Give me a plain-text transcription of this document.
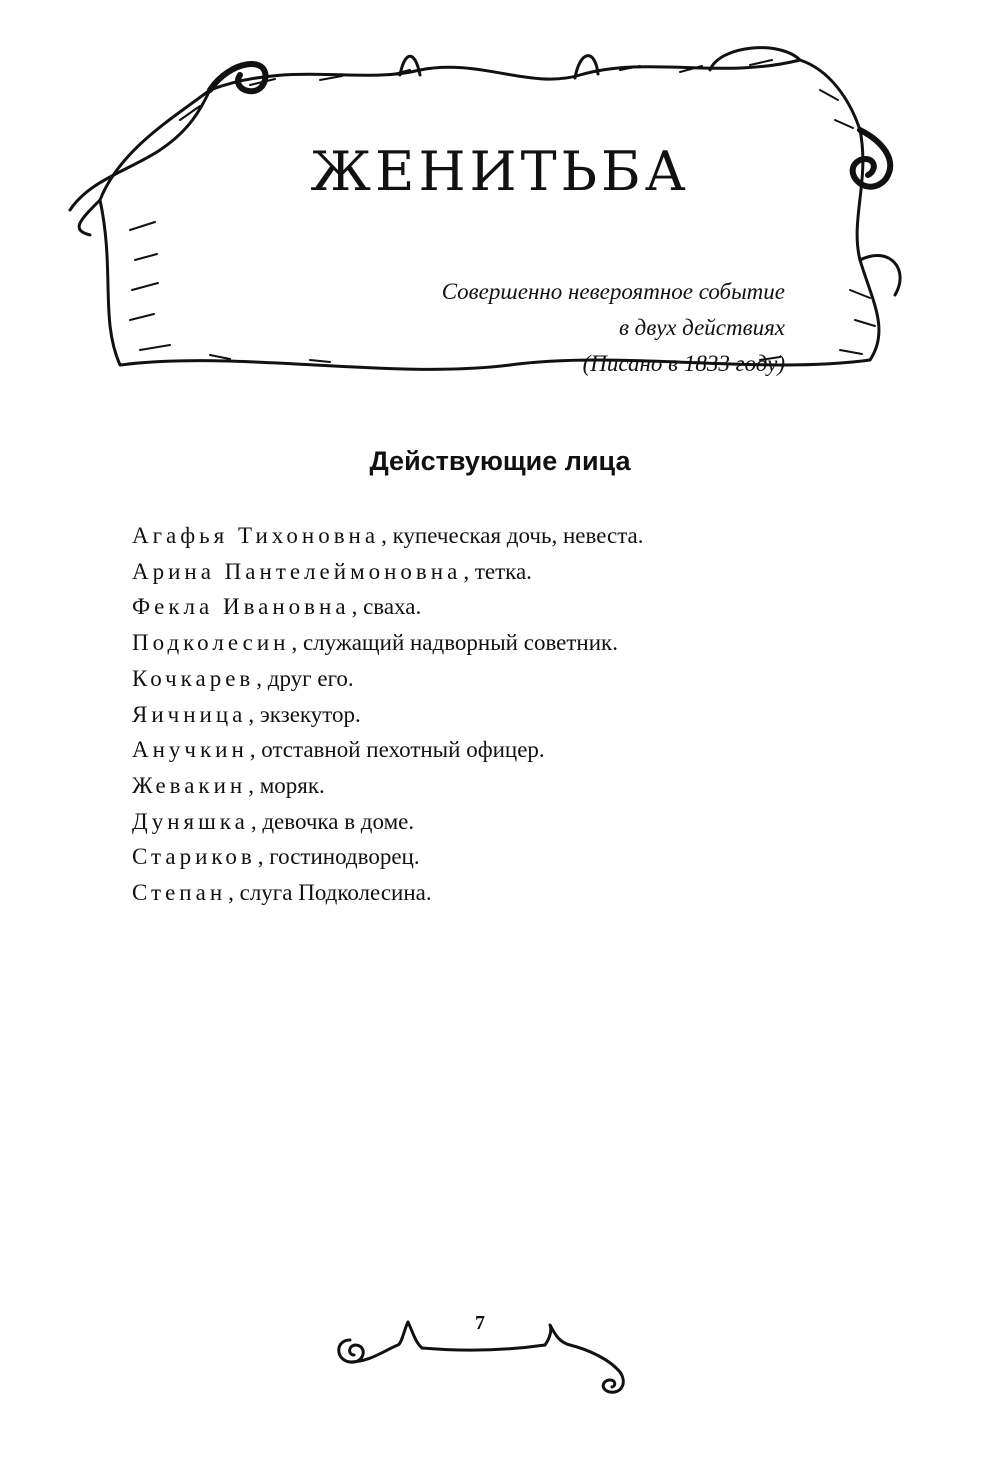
ЖЕНИТЬБА
Совершенно невероятное событие
в двух действиях
(Писано в 1833 году)
Действующие лица
Агафья Тихоновна, купеческая дочь, невеста.
Арина Пантелеймоновна, тетка.
Фекла Ивановна, сваха.
Подколесин, служащий надворный советник.
Кочкарев, друг его.
Яичница, экзекутор.
Анучкин, отставной пехотный офицер.
Жевакин, моряк.
Дуняшка, девочка в доме.
Стариков, гостинодворец.
Степан, слуга Подколесина.
7
